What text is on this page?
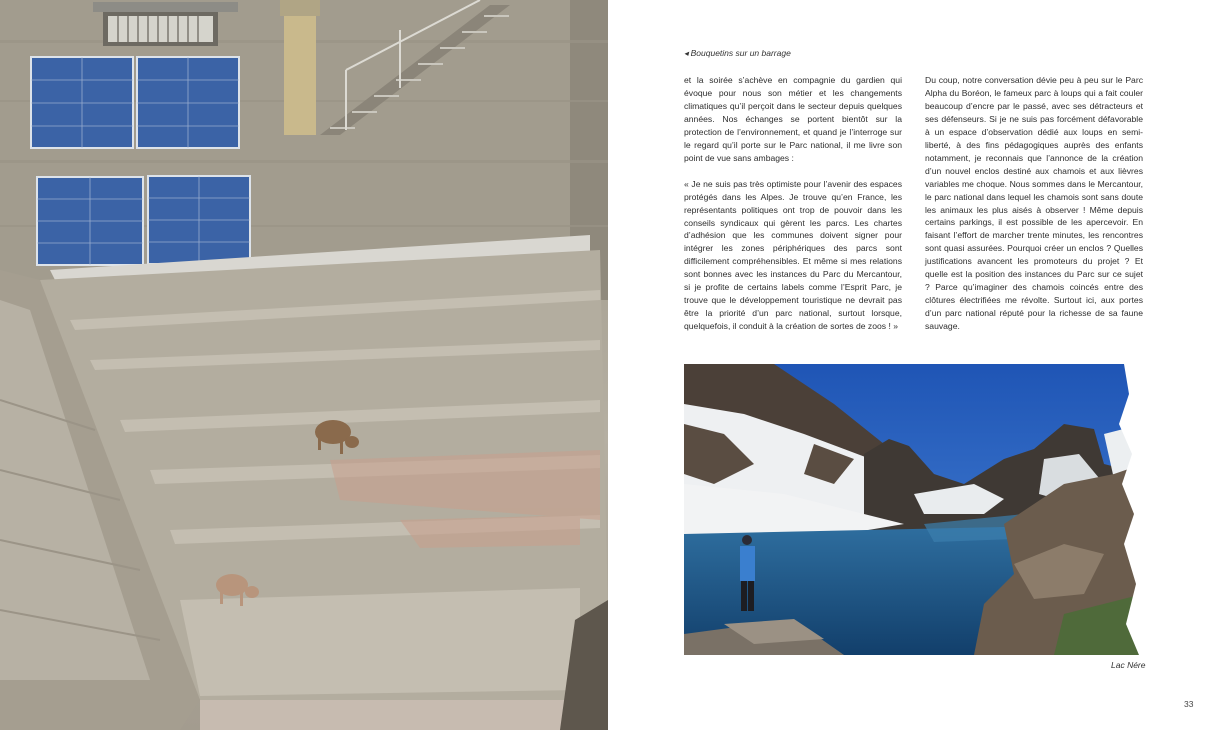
◂ Bouquetins sur un barrage

et la soirée s’achève en compagnie du gardien qui évoque pour nous son métier et les changements climatiques qu’il perçoit dans le secteur depuis quelques années. Nos échanges se portent bientôt sur la protection de l’environnement, et quand je l’interroge sur le regard qu’il porte sur le Parc national, il me livre son point de vue sans ambages :

« Je ne suis pas très optimiste pour l’avenir des espaces protégés dans les Alpes. Je trouve qu’en France, les représentants politiques ont trop de pouvoir dans les conseils syndicaux qui gèrent les parcs. Les chartes d’adhésion que les communes doivent signer pour intégrer les zones périphériques des parcs sont difficilement compréhensibles. Et même si mes relations sont bonnes avec les instances du Parc du Mercantour, si je profite de certains labels comme l’Esprit Parc, je trouve que le développement touristique ne devrait pas être la priorité d’un parc national, surtout lorsque, quelquefois, il conduit à la création de sortes de zoos ! »

Du coup, notre conversation dévie peu à peu sur le Parc Alpha du Boréon, le fameux parc à loups qui a fait couler beaucoup d’encre par le passé, avec ses détracteurs et ses défenseurs. Si je ne suis pas forcément défavorable à un espace d’observation dédié aux loups en semi-liberté, à des fins pédagogiques auprès des enfants notamment, je reconnais que l’annonce de la création d’un nouvel enclos destiné aux chamois et aux lièvres variables me choque. Nous sommes dans le Mercantour, le parc national dans lequel les chamois sont sans doute les animaux les plus aisés à observer ! Même depuis certains parkings, il est possible de les apercevoir. En faisant l’effort de marcher trente minutes, les rencontres sont quasi assurées. Pourquoi créer un enclos ? Quelles justifications avancent les promoteurs du projet ? Et quelle est la position des instances du Parc sur ce sujet ? Parce qu’imaginer des chamois coincés entre des clôtures électrifiées me révolte. Surtout ici, aux portes d’un parc national réputé pour la richesse de sa faune sauvage.

Lac Nére
33
